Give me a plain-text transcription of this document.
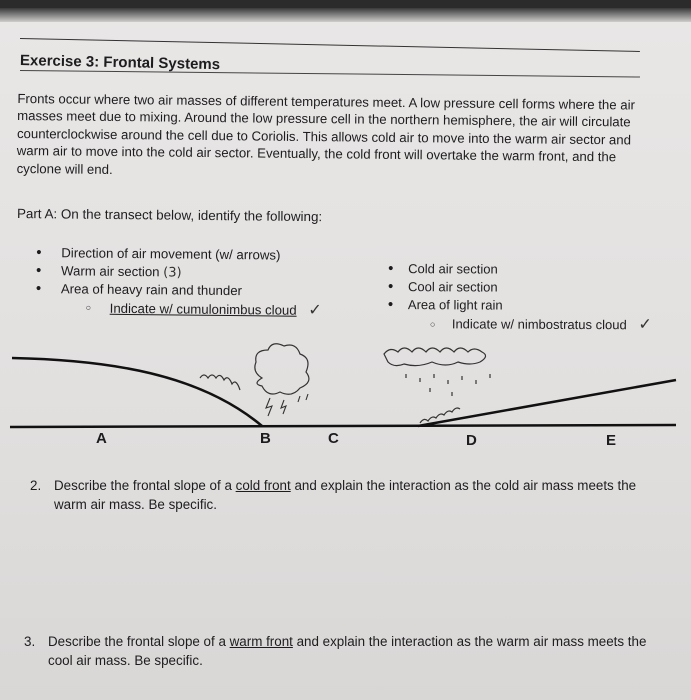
Exercise 3: Frontal Systems
Fronts occur where two air masses of different temperatures meet. A low pressure cell forms where the air masses meet due to mixing. Around the low pressure cell in the northern hemisphere, the air will circulate counterclockwise around the cell due to Coriolis. This allows cold air to move into the warm air sector and warm air to move into the cold air sector. Eventually, the cold front will overtake the warm front, and the cyclone will end.
Part A: On the transect below, identify the following:
• Direction of air movement (w/ arrows)
• Warm air section (3)
• Area of heavy rain and thunder
○ Indicate w/ cumulonimbus cloud ✓
• Cold air section
• Cool air section
• Area of light rain
○ Indicate w/ nimbostratus cloud ✓
A	B	C	D	E
2. Describe the frontal slope of a cold front and explain the interaction as the cold air mass meets the warm air mass. Be specific.
3. Describe the frontal slope of a warm front and explain the interaction as the warm air mass meets the cool air mass. Be specific.
